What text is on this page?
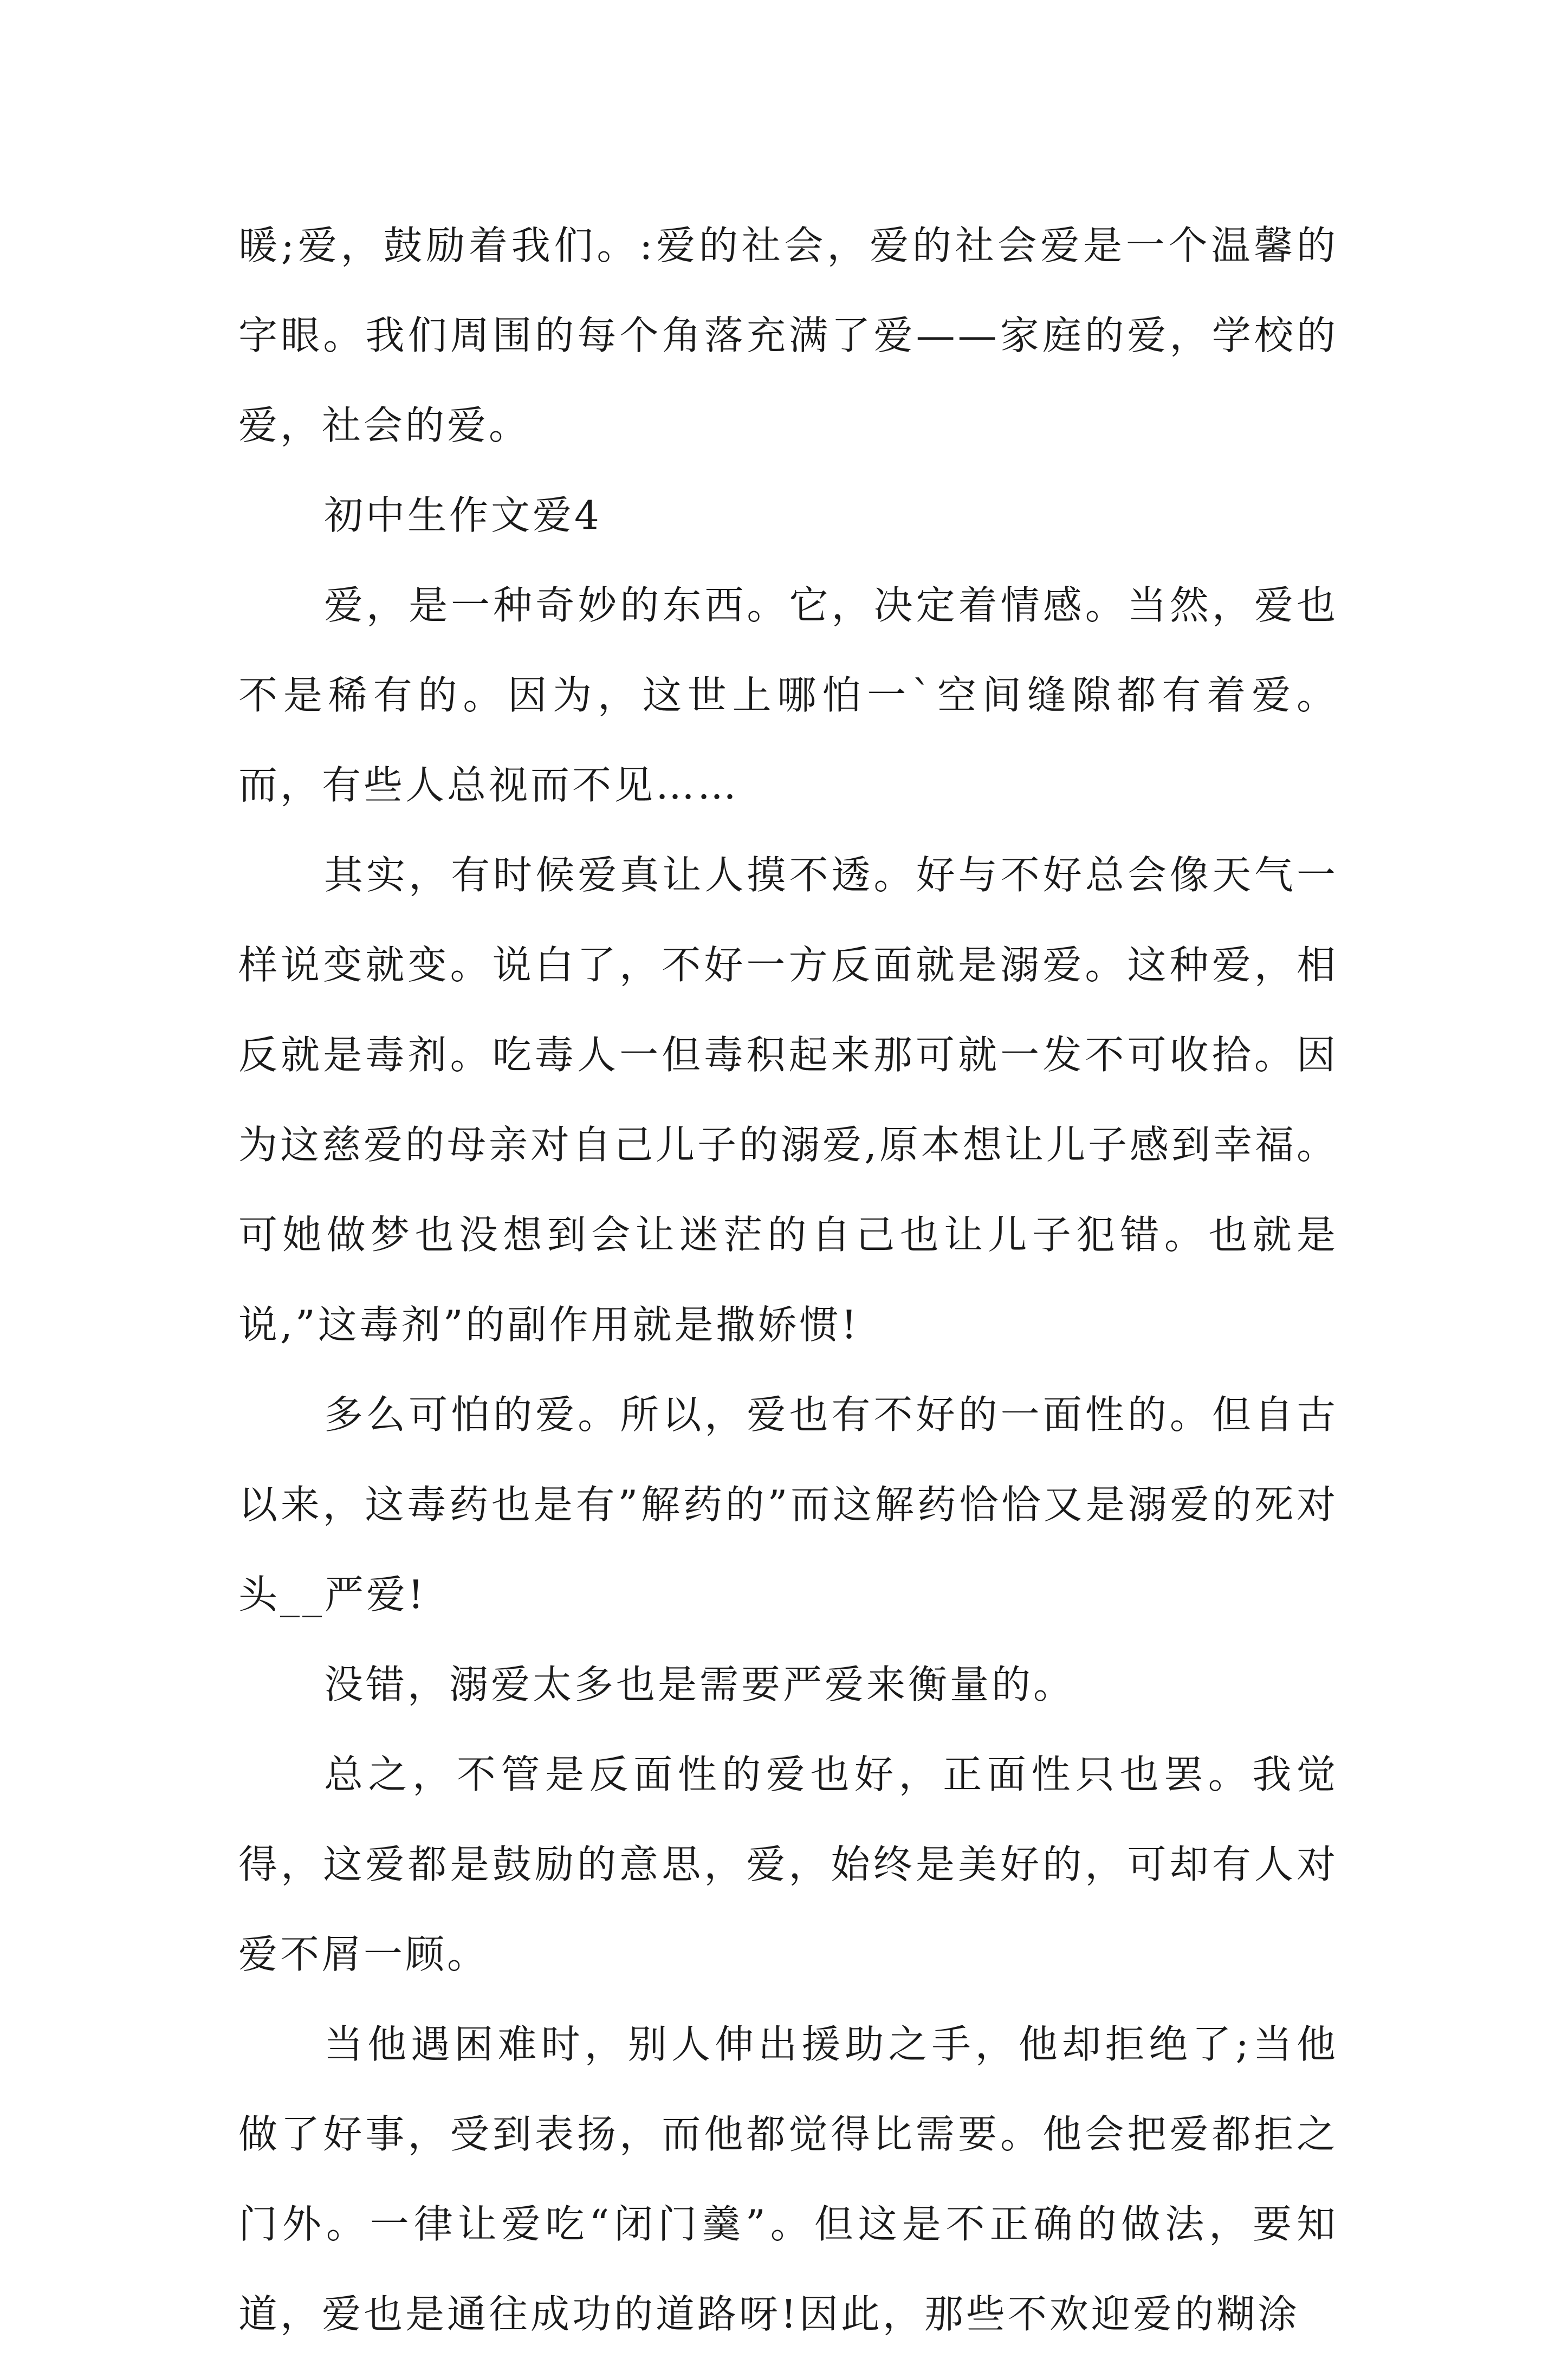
暖;爱，鼓励着我们。:爱的社会，爱的社会爱是一个温馨的字眼。我们周围的每个角落充满了爱——家庭的爱，学校的爱，社会的爱。

初中生作文爱4

爱，是一种奇妙的东西。它，决定着情感。当然，爱也不是稀有的。因为，这世上哪怕一`空间缝隙都有着爱。而，有些人总视而不见……

其实，有时候爱真让人摸不透。好与不好总会像天气一样说变就变。说白了，不好一方反面就是溺爱。这种爱，相反就是毒剂。吃毒人一但毒积起来那可就一发不可收拾。因为这慈爱的母亲对自己儿子的溺爱,原本想让儿子感到幸福。可她做梦也没想到会让迷茫的自己也让儿子犯错。也就是说,”这毒剂”的副作用就是撒娇惯!

多么可怕的爱。所以，爱也有不好的一面性的。但自古以来，这毒药也是有”解药的”而这解药恰恰又是溺爱的死对头__严爱!

没错，溺爱太多也是需要严爱来衡量的。

总之，不管是反面性的爱也好，正面性只也罢。我觉得，这爱都是鼓励的意思，爱，始终是美好的，可却有人对爱不屑一顾。

当他遇困难时，别人伸出援助之手，他却拒绝了;当他做了好事，受到表扬，而他都觉得比需要。他会把爱都拒之门外。一律让爱吃“闭门羹”。但这是不正确的做法，要知道，爱也是通往成功的道路呀!因此，那些不欢迎爱的糊涂
